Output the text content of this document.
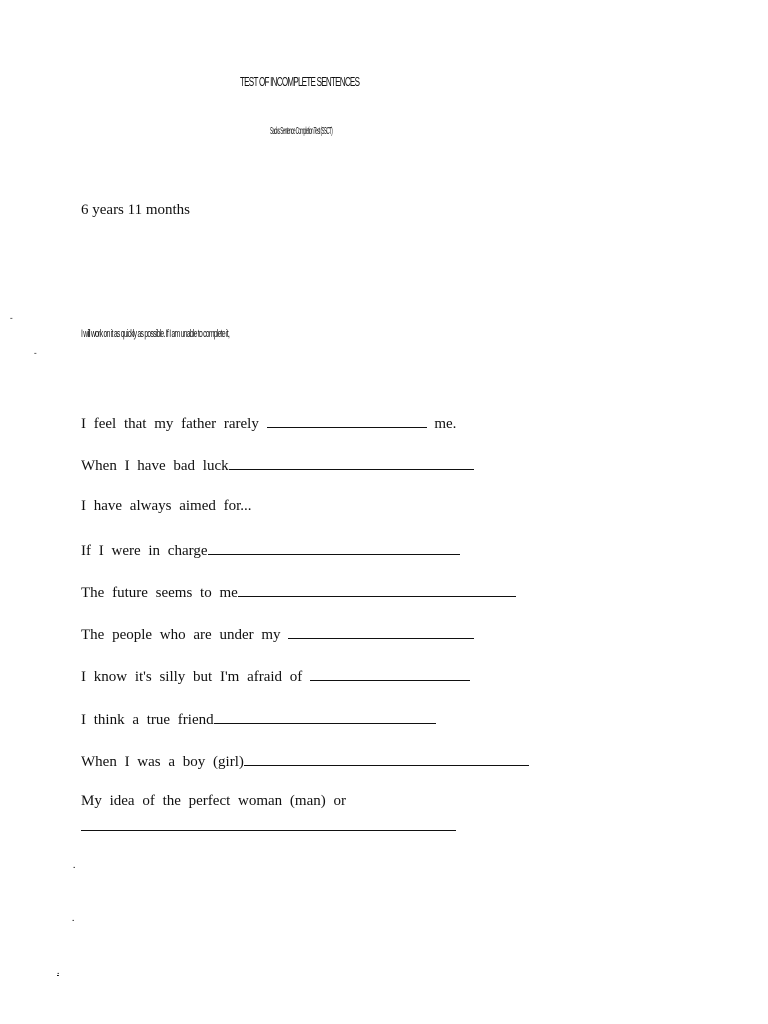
TEST OF INCOMPLETE SENTENCES
Sacks Sentence Completion Test (SSCT)
6 years 11 months
...
I will work on it as quickly as possible. If I am unable to complete it,
...
I feel that my father rarely	me.
When I have bad luck
I have always aimed for...
If I were in charge
The future seems to me
The people who are under my
I know it's silly but I'm afraid of
I think a true friend
When I was a boy (girl)
My idea of the perfect woman (man) or
...
...
...
